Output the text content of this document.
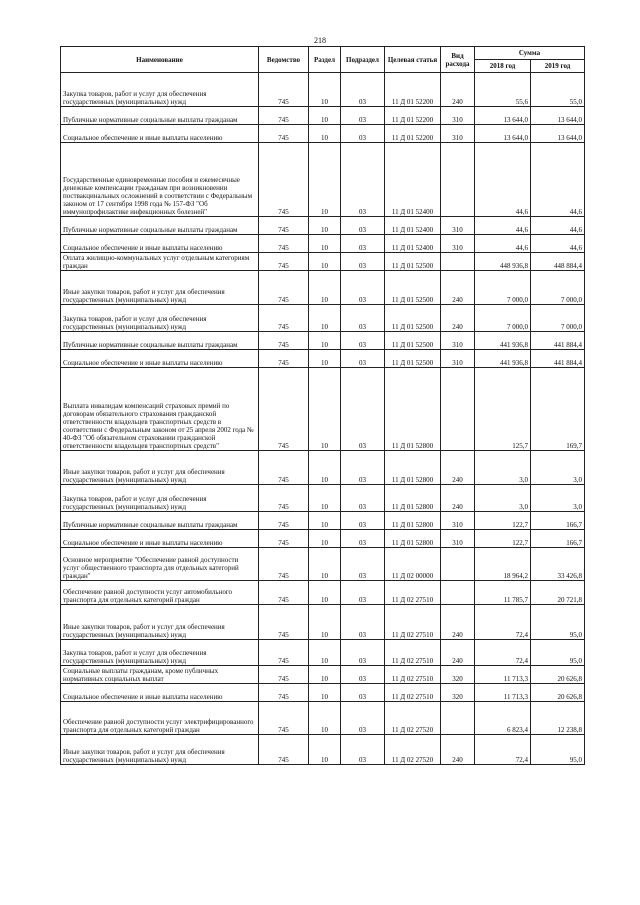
218
Наименование	Ведомство	Раздел	Подраздел	Целевая статья	Вид расхода	Сумма	
						2018 год	2019 год
Закупка товаров, работ и услуг для обеспечения государственных (муниципальных) нужд	745	10	03	11 Д 01 52200	240	55,6	55,0
Публичные нормативные социальные выплаты гражданам	745	10	03	11 Д 01 52200	310	13 644,0	13 644,0
Социальное обеспечение и иные выплаты населению	745	10	03	11 Д 01 52200	310	13 644,0	13 644,0
Государственные единовременные пособия и ежемесячные денежные компенсации гражданам при возникновении поствакцинальных осложнений в соответствии с Федеральным законом от 17 сентября 1998 года № 157-ФЗ "Об иммунопрофилактике инфекционных болезней"	745	10	03	11 Д 01 52400		44,6	44,6
Публичные нормативные социальные выплаты гражданам	745	10	03	11 Д 01 52400	310	44,6	44,6
Социальное обеспечение и иные выплаты населению	745	10	03	11 Д 01 52400	310	44,6	44,6
Оплата жилищно-коммунальных услуг отдельным категориям граждан	745	10	03	11 Д 01 52500		448 936,8	448 884,4
Иные закупки товаров, работ и услуг для обеспечения государственных (муниципальных) нужд	745	10	03	11 Д 01 52500	240	7 000,0	7 000,0
Закупка товаров, работ и услуг для обеспечения государственных (муниципальных) нужд	745	10	03	11 Д 01 52500	240	7 000,0	7 000,0
Публичные нормативные социальные выплаты гражданам	745	10	03	11 Д 01 52500	310	441 936,8	441 884,4
Социальное обеспечение и иные выплаты населению	745	10	03	11 Д 01 52500	310	441 936,8	441 884,4
Выплата инвалидам компенсаций страховых премий по договорам обязательного страхования гражданской ответственности владельцев транспортных средств в соответствии с Федеральным законом от 25 апреля 2002 года № 40-ФЗ "Об обязательном страховании гражданской ответственности владельцев транспортных средств"	745	10	03	11 Д 01 52800		125,7	169,7
Иные закупки товаров, работ и услуг для обеспечения государственных (муниципальных) нужд	745	10	03	11 Д 01 52800	240	3,0	3,0
Закупка товаров, работ и услуг для обеспечения государственных (муниципальных) нужд	745	10	03	11 Д 01 52800	240	3,0	3,0
Публичные нормативные социальные выплаты гражданам	745	10	03	11 Д 01 52800	310	122,7	166,7
Социальное обеспечение и иные выплаты населению	745	10	03	11 Д 01 52800	310	122,7	166,7
Основное мероприятие "Обеспечение равной доступности услуг общественного транспорта для отдельных категорий граждан"	745	10	03	11 Д 02 00000		18 964,2	33 426,8
Обеспечение равной доступности услуг автомобильного транспорта для отдельных категорий граждан	745	10	03	11 Д 02 27510		11 785,7	20 721,8
Иные закупки товаров, работ и услуг для обеспечения государственных (муниципальных) нужд	745	10	03	11 Д 02 27510	240	72,4	95,0
Закупка товаров, работ и услуг для обеспечения государственных (муниципальных) нужд	745	10	03	11 Д 02 27510	240	72,4	95,0
Социальные выплаты гражданам, кроме публичных нормативных социальных выплат	745	10	03	11 Д 02 27510	320	11 713,3	20 626,8
Социальное обеспечение и иные выплаты населению	745	10	03	11 Д 02 27510	320	11 713,3	20 626,8
Обеспечение равной доступности услуг электрифицированного транспорта для отдельных категорий граждан	745	10	03	11 Д 02 27520		6 823,4	12 238,8
Иные закупки товаров, работ и услуг для обеспечения государственных (муниципальных) нужд	745	10	03	11 Д 02 27520	240	72,4	95,0
